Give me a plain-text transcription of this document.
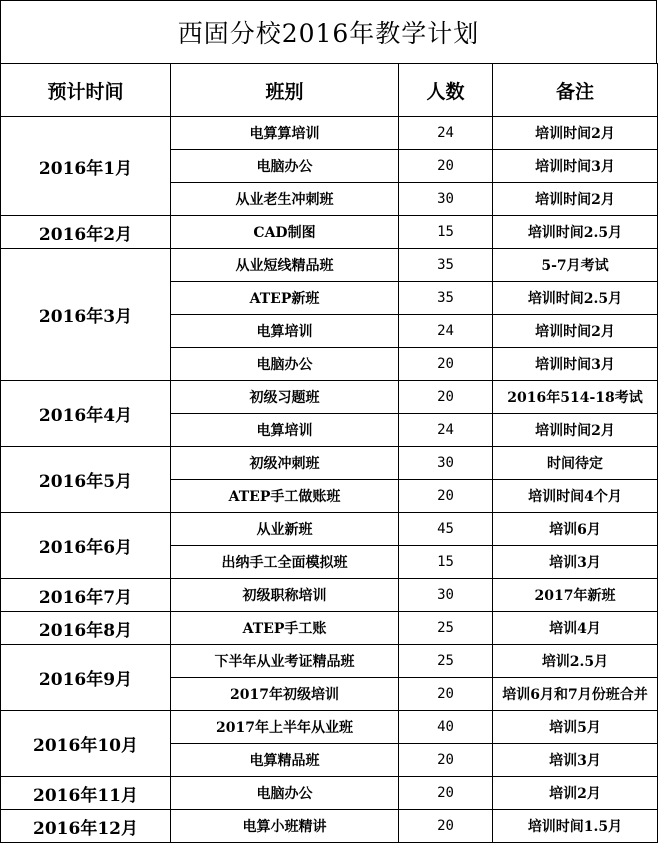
西固分校2016年教学计划
预计时间	班别	人数	备注
2016年1月	电算算培训	24	培训时间2月
	电脑办公	20	培训时间3月
	从业老生冲刺班	30	培训时间2月
2016年2月	CAD制图	15	培训时间2.5月
2016年3月	从业短线精品班	35	5-7月考试
	ATEP新班	35	培训时间2.5月
	电算培训	24	培训时间2月
	电脑办公	20	培训时间3月
2016年4月	初级习题班	20	2016年514-18考试
	电算培训	24	培训时间2月
2016年5月	初级冲刺班	30	时间待定
	ATEP手工做账班	20	培训时间4个月
2016年6月	从业新班	45	培训6月
	出纳手工全面模拟班	15	培训3月
2016年7月	初级职称培训	30	2017年新班
2016年8月	ATEP手工账	25	培训4月
2016年9月	下半年从业考证精品班	25	培训2.5月
	2017年初级培训	20	培训6月和7月份班合并
2016年10月	2017年上半年从业班	40	培训5月
	电算精品班	20	培训3月
2016年11月	电脑办公	20	培训2月
2016年12月	电算小班精讲	20	培训时间1.5月
